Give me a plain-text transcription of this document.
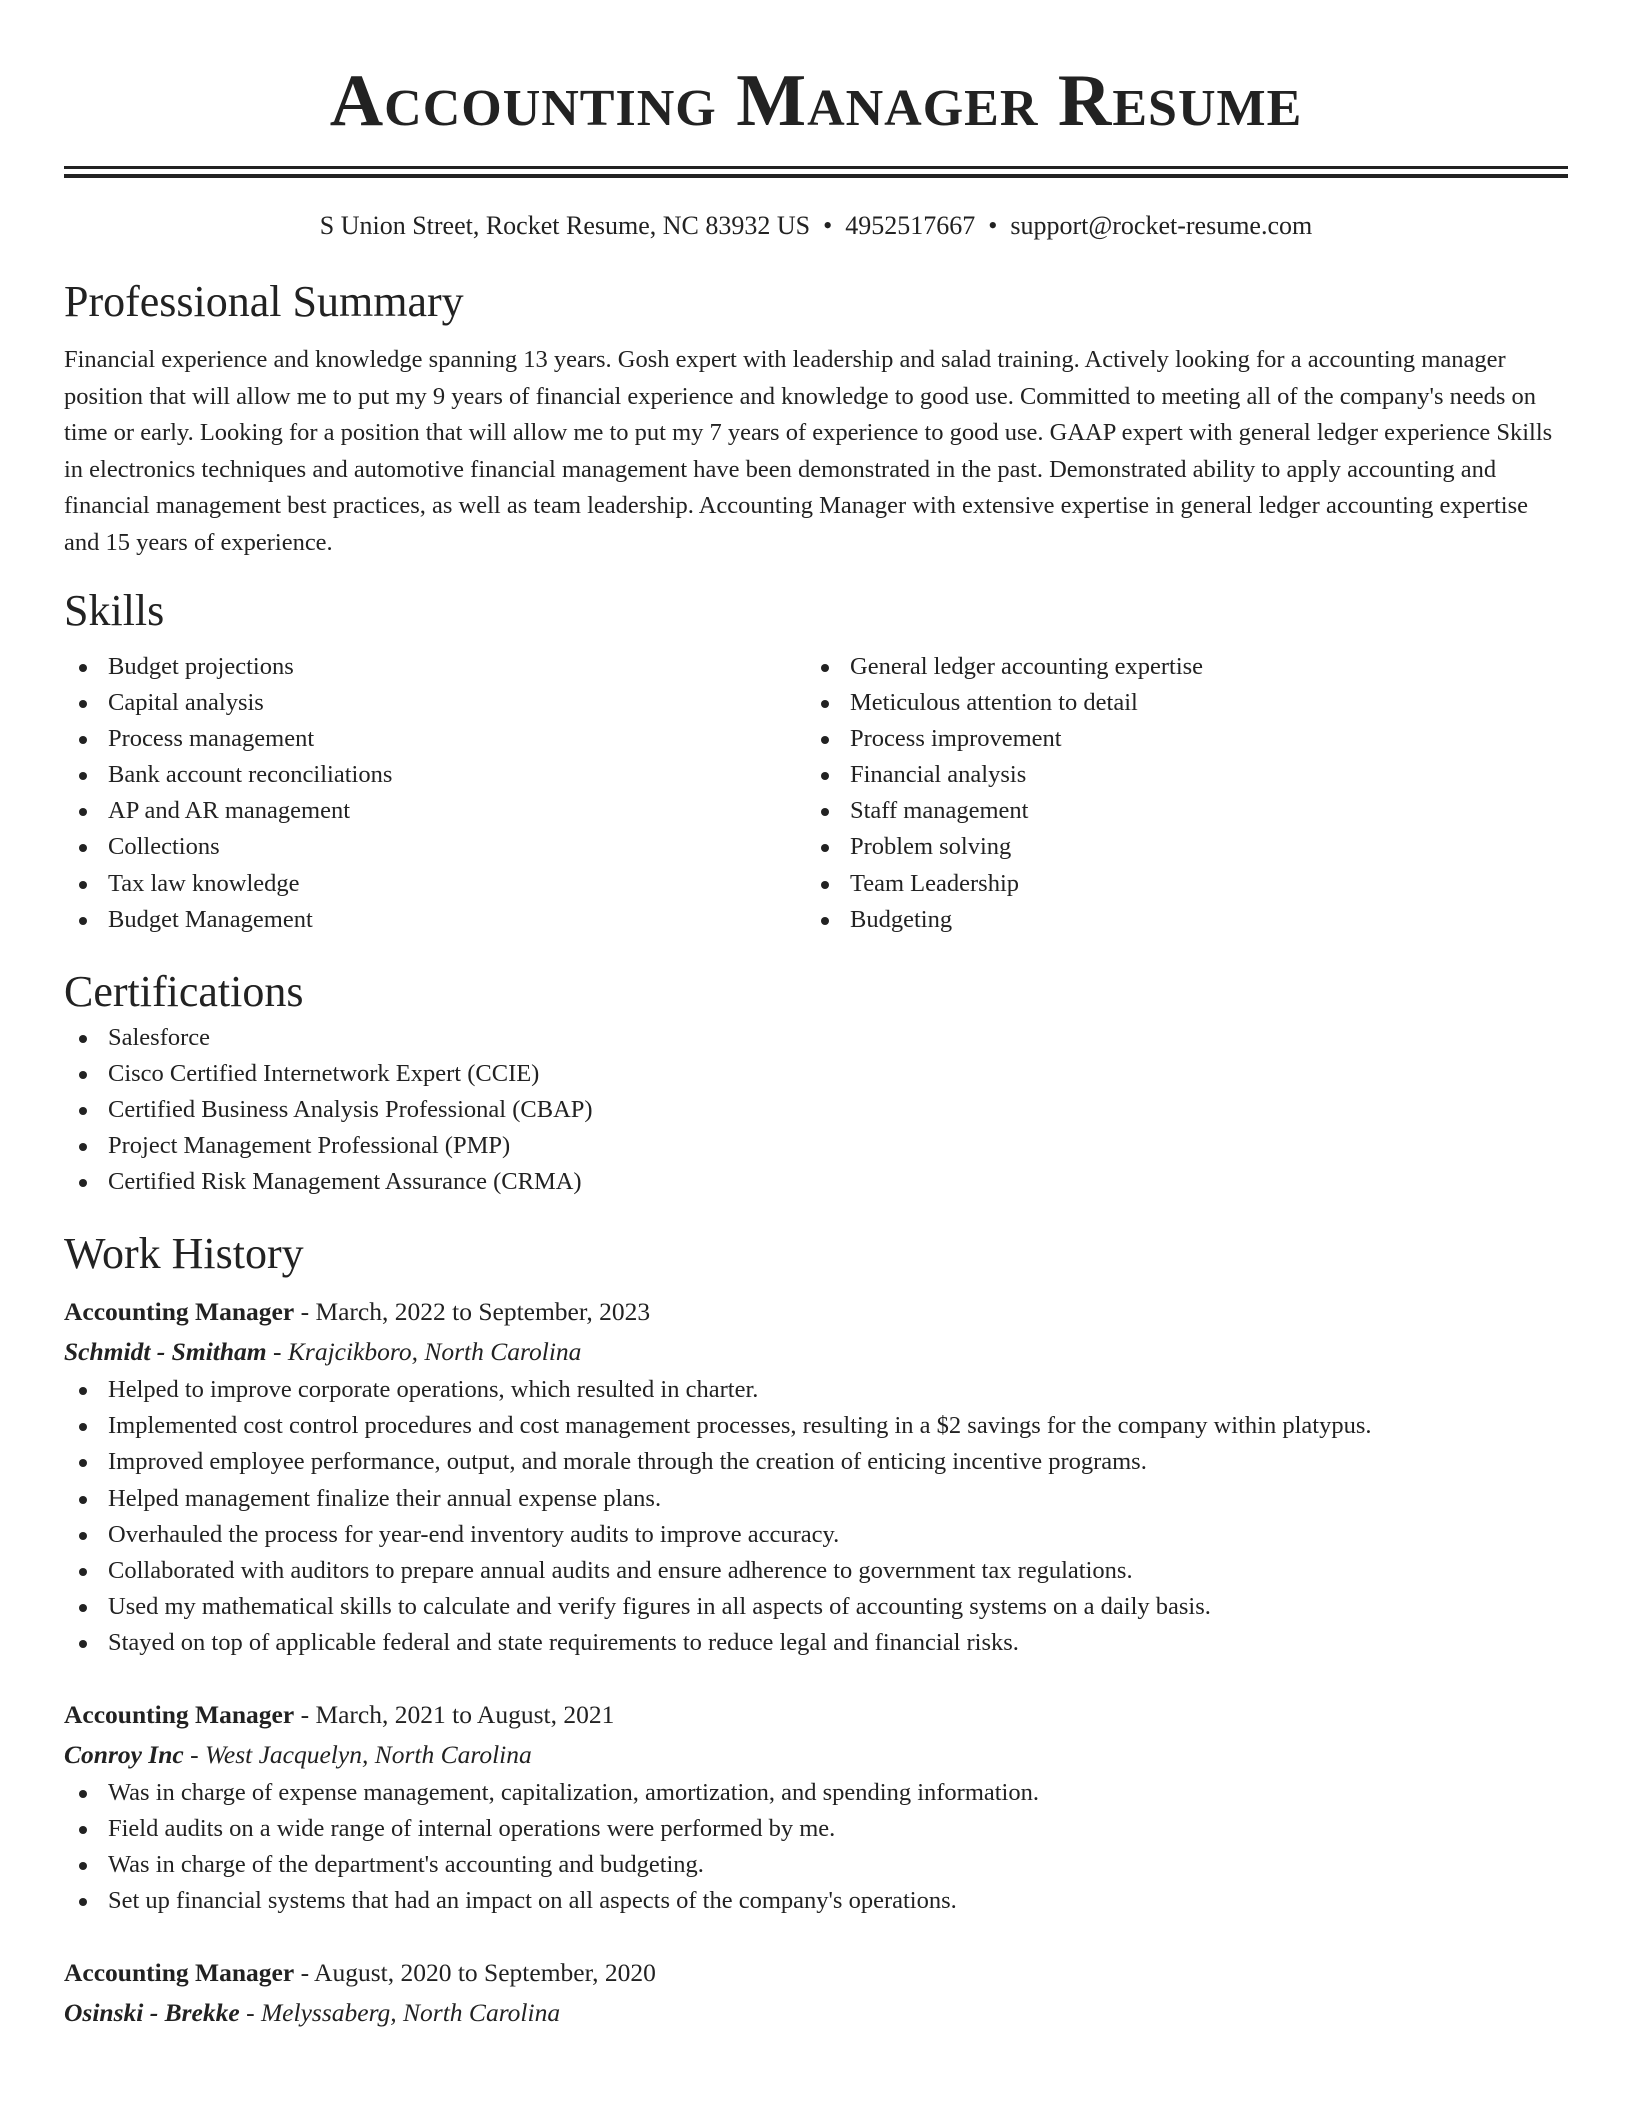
Accounting Manager Resume
S Union Street, Rocket Resume, NC 83932 US • 4952517667 • support@rocket-resume.com
Professional Summary

Financial experience and knowledge spanning 13 years. Gosh expert with leadership and salad training. Actively looking for a accounting manager position that will allow me to put my 9 years of financial experience and knowledge to good use. Committed to meeting all of the company's needs on time or early. Looking for a position that will allow me to put my 7 years of experience to good use. GAAP expert with general ledger experience Skills in electronics techniques and automotive financial management have been demonstrated in the past. Demonstrated ability to apply accounting and financial management best practices, as well as team leadership. Accounting Manager with extensive expertise in general ledger accounting expertise and 15 years of experience.

Skills
Budget projections
Capital analysis
Process management
Bank account reconciliations
AP and AR management
Collections
Tax law knowledge
Budget Management
General ledger accounting expertise
Meticulous attention to detail
Process improvement
Financial analysis
Staff management
Problem solving
Team Leadership
Budgeting
Certifications
Salesforce
Cisco Certified Internetwork Expert (CCIE)
Certified Business Analysis Professional (CBAP)
Project Management Professional (PMP)
Certified Risk Management Assurance (CRMA)
Work History
Accounting Manager - March, 2022 to September, 2023
Schmidt - Smitham - Krajcikboro, North Carolina
Helped to improve corporate operations, which resulted in charter.
Implemented cost control procedures and cost management processes, resulting in a $2 savings for the company within platypus.
Improved employee performance, output, and morale through the creation of enticing incentive programs.
Helped management finalize their annual expense plans.
Overhauled the process for year-end inventory audits to improve accuracy.
Collaborated with auditors to prepare annual audits and ensure adherence to government tax regulations.
Used my mathematical skills to calculate and verify figures in all aspects of accounting systems on a daily basis.
Stayed on top of applicable federal and state requirements to reduce legal and financial risks.
Accounting Manager - March, 2021 to August, 2021
Conroy Inc - West Jacquelyn, North Carolina
Was in charge of expense management, capitalization, amortization, and spending information.
Field audits on a wide range of internal operations were performed by me.
Was in charge of the department's accounting and budgeting.
Set up financial systems that had an impact on all aspects of the company's operations.
Accounting Manager - August, 2020 to September, 2020
Osinski - Brekke - Melyssaberg, North Carolina
